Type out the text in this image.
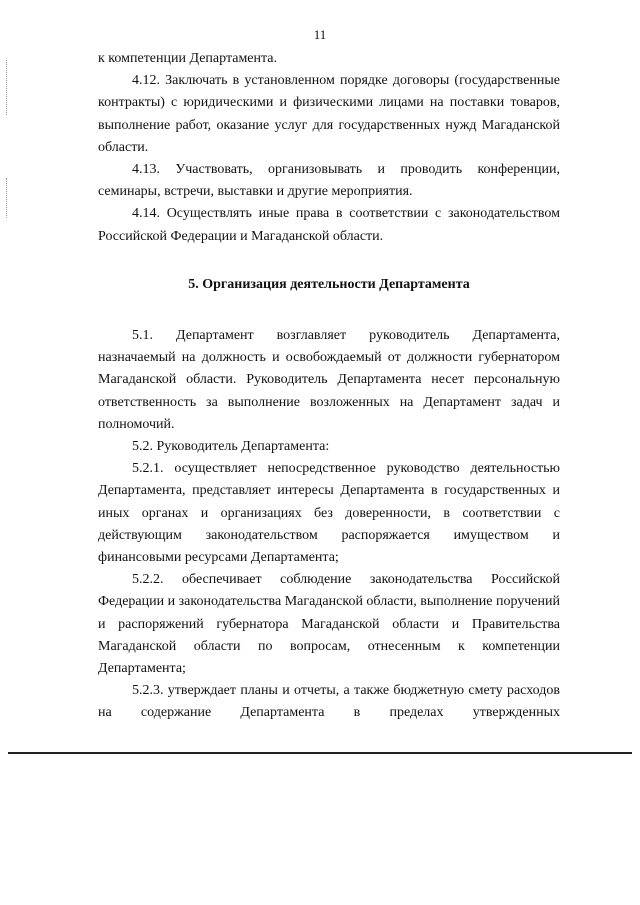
11

к компетенции Департамента.

4.12. Заключать в установленном порядке договоры (государственные контракты) с юридическими и физическими лицами на поставки товаров, выполнение работ, оказание услуг для государственных нужд Магаданской области.

4.13. Участвовать, организовывать и проводить конференции, семинары, встречи, выставки и другие мероприятия.

4.14. Осуществлять иные права в соответствии с законодательством Российской Федерации и Магаданской области.

5. Организация деятельности Департамента

5.1. Департамент возглавляет руководитель Департамента, назначаемый на должность и освобождаемый от должности губернатором Магаданской области. Руководитель Департамента несет персональную ответственность за выполнение возложенных на Департамент задач и полномочий.

5.2. Руководитель Департамента:

5.2.1. осуществляет непосредственное руководство деятельностью Департамента, представляет интересы Департамента в государственных и иных органах и организациях без доверенности, в соответствии с действующим законодательством распоряжается имуществом и финансовыми ресурсами Департамента;

5.2.2. обеспечивает соблюдение законодательства Российской Федерации и законодательства Магаданской области, выполнение поручений и распоряжений губернатора Магаданской области и Правительства Магаданской области по вопросам, отнесенным к компетенции Департамента;

5.2.3. утверждает планы и отчеты, а также бюджетную смету расходов на содержание Департамента в пределах утвержденных
